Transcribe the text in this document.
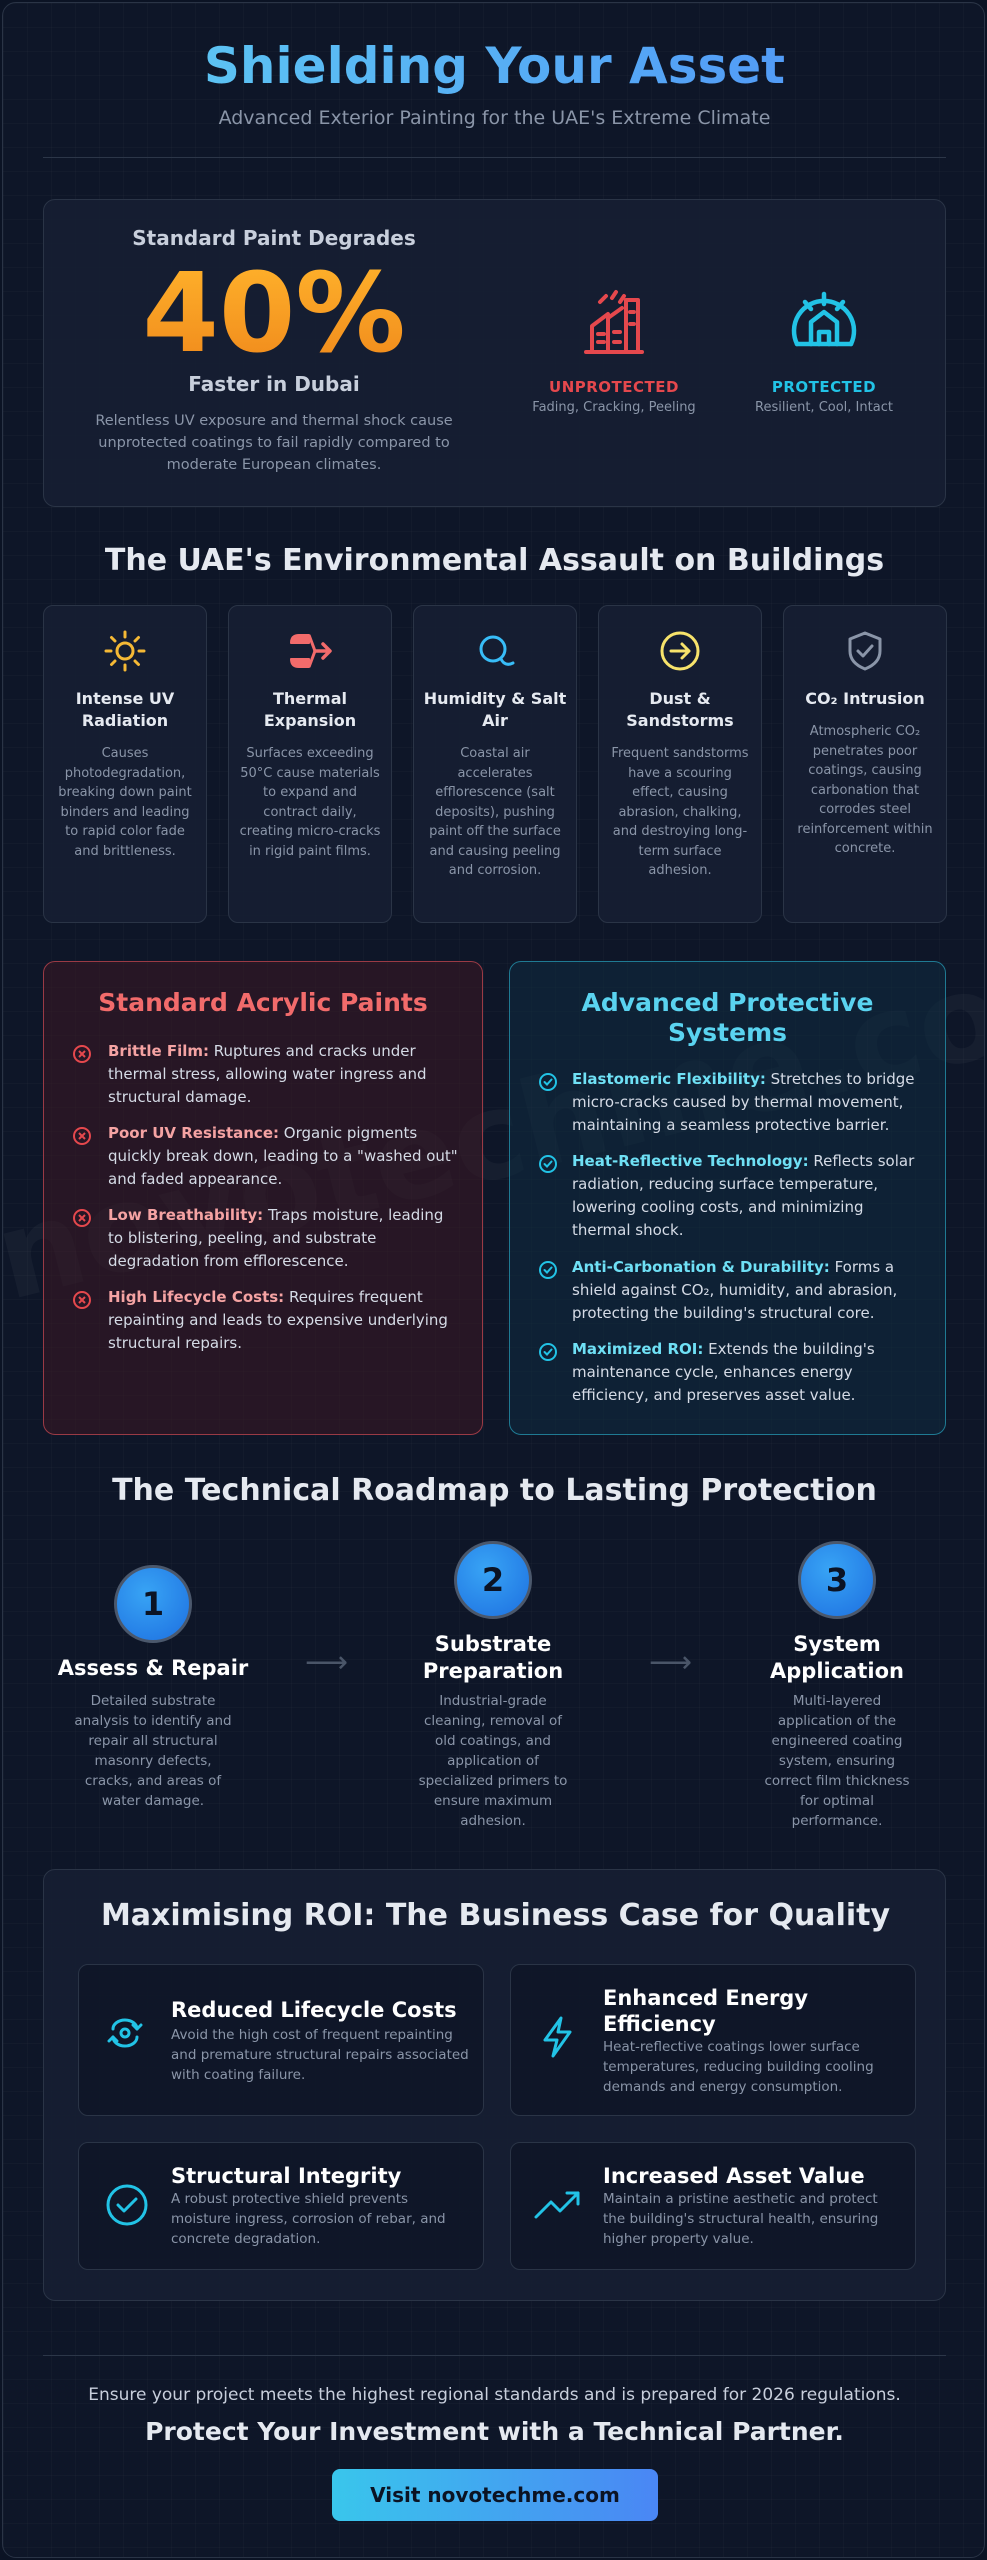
Shielding Your Asset
Advanced Exterior Painting for the UAE's Extreme Climate
Standard Paint Degrades
40%
Faster in Dubai
Relentless UV exposure and thermal shock cause unprotected coatings to fail rapidly compared to moderate European climates.
UNPROTECTED
Fading, Cracking, Peeling
PROTECTED
Resilient, Cool, Intact
The UAE's Environmental Assault on Buildings
Intense UV Radiation
Causes photodegradation, breaking down paint binders and leading to rapid color fade and brittleness.
Thermal Expansion
Surfaces exceeding 50°C cause materials to expand and contract daily, creating micro-cracks in rigid paint films.
Humidity & Salt Air
Coastal air accelerates efflorescence (salt deposits), pushing paint off the surface and causing peeling and corrosion.
Dust & Sandstorms
Frequent sandstorms have a scouring effect, causing abrasion, chalking, and destroying long-term surface adhesion.
CO₂ Intrusion
Atmospheric CO₂ penetrates poor coatings, causing carbonation that corrodes steel reinforcement within concrete.
Standard Acrylic Paints
Brittle Film: Ruptures and cracks under thermal stress, allowing water ingress and structural damage.
Poor UV Resistance: Organic pigments quickly break down, leading to a "washed out" and faded appearance.
Low Breathability: Traps moisture, leading to blistering, peeling, and substrate degradation from efflorescence.
High Lifecycle Costs: Requires frequent repainting and leads to expensive underlying structural repairs.
Advanced Protective Systems
Elastomeric Flexibility: Stretches to bridge micro-cracks caused by thermal movement, maintaining a seamless protective barrier.
Heat-Reflective Technology: Reflects solar radiation, reducing surface temperature, lowering cooling costs, and minimizing thermal shock.
Anti-Carbonation & Durability: Forms a shield against CO₂, humidity, and abrasion, protecting the building's structural core.
Maximized ROI: Extends the building's maintenance cycle, enhances energy efficiency, and preserves asset value.
The Technical Roadmap to Lasting Protection
1
Assess & Repair
Detailed substrate analysis to identify and repair all structural masonry defects, cracks, and areas of water damage.
⟶
2
Substrate Preparation
Industrial-grade cleaning, removal of old coatings, and application of specialized primers to ensure maximum adhesion.
⟶
3
System Application
Multi-layered application of the engineered coating system, ensuring correct film thickness for optimal performance.
Maximising ROI: The Business Case for Quality
Reduced Lifecycle Costs
Avoid the high cost of frequent repainting and premature structural repairs associated with coating failure.
Enhanced Energy Efficiency
Heat-reflective coatings lower surface temperatures, reducing building cooling demands and energy consumption.
Structural Integrity
A robust protective shield prevents moisture ingress, corrosion of rebar, and concrete degradation.
Increased Asset Value
Maintain a pristine aesthetic and protect the building's structural health, ensuring higher property value.
Ensure your project meets the highest regional standards and is prepared for 2026 regulations.
Protect Your Investment with a Technical Partner.
Visit novotechme.com
